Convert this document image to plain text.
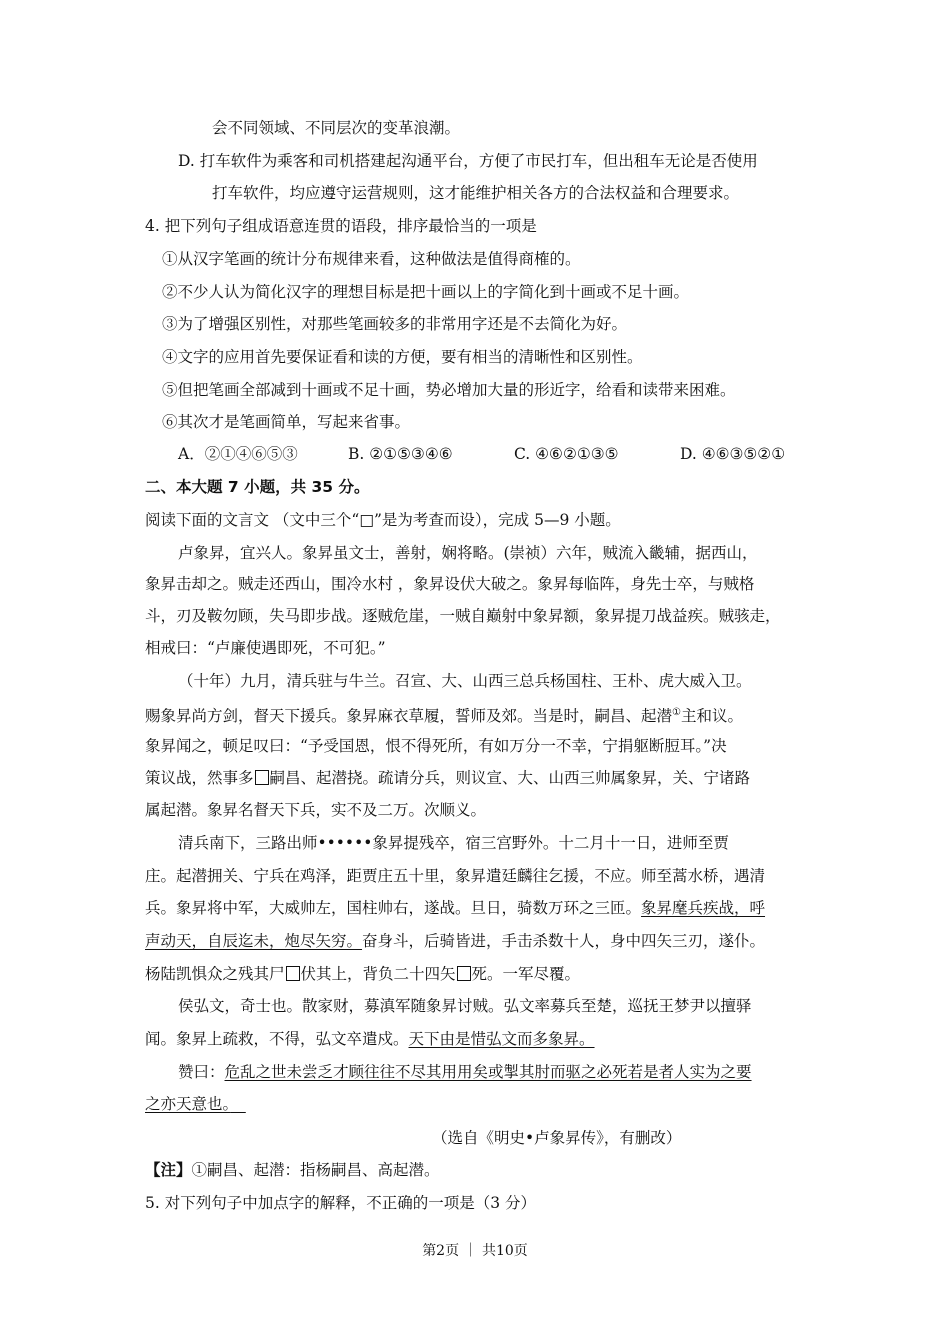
会不同领域、不同层次的变革浪潮。
D. 打车软件为乘客和司机搭建起沟通平台，方便了市民打车，但出租车无论是否使用
打车软件，均应遵守运营规则，这才能维护相关各方的合法权益和合理要求。
4. 把下列句子组成语意连贯的语段，排序最恰当的一项是
①从汉字笔画的统计分布规律来看，这种做法是值得商榷的。
②不少人认为简化汉字的理想目标是把十画以上的字简化到十画或不足十画。
③为了增强区别性，对那些笔画较多的非常用字还是不去简化为好。
④文字的应用首先要保证看和读的方便，要有相当的清晰性和区别性。
⑤但把笔画全部减到十画或不足十画，势必增加大量的形近字，给看和读带来困难。
⑥其次才是笔画简单，写起来省事。
A．②①④⑥⑤③	B. ②①⑤③④⑥	C. ④⑥②①③⑤	D. ④⑥③⑤②①
二、本大题 7 小题，共 35 分。
阅读下面的文言文 （文中三个“□”是为考查而设），完成 5—9 小题。
卢象昇，宜兴人。象昇虽文士，善射，娴将略。(崇祯）六年，贼流入畿辅，据西山，
象昇击却之。贼走还西山，围冷水村 ，象昇设伏大破之。象昇每临阵，身先士卒，与贼格
斗，刃及鞍勿顾，失马即步战。逐贼危崖，一贼自巅射中象昇额，象昇提刀战益疾。贼骇走，
相戒曰：“卢廉使遇即死，不可犯。”
（十年）九月，清兵驻与牛兰。召宣、大、山西三总兵杨国柱、王朴、虎大威入卫。
赐象昇尚方剑，督天下援兵。象昇麻衣草履，誓师及郊。当是时，嗣昌、起潜①主和议。
象昇闻之，顿足叹曰：“予受国恩，恨不得死所，有如万分一不幸，宁捐躯断脰耳。”决
策议战，然事多 嗣昌、起潜挠。疏请分兵，则议宣、大、山西三帅属象昇，关、宁诸路
属起潜。象昇名督天下兵，实不及二万。次顺义。
清兵南下，三路出师••••••象昇提残卒，宿三宫野外。十二月十一日，进师至贾
庄。起潜拥关、宁兵在鸡泽，距贾庄五十里，象昇遣廷麟往乞援，不应。师至蒿水桥，遇清
兵。象昇将中军，大威帅左，国柱帅右，遂战。旦日，骑数万环之三匝。象昇麾兵疾战，呼
声动天，自辰迄未，炮尽矢穷。奋身斗，后骑皆进，手击杀数十人，身中四矢三刃，遂仆。
杨陆凯惧众之残其尸 伏其上，背负二十四矢 死。一军尽覆。
侯弘文，奇士也。散家财，募滇军随象昇讨贼。弘文率募兵至楚，巡抚王梦尹以擅驿
闻。象昇上疏救，不得，弘文卒遣戍。天下由是惜弘文而多象昇。
赞曰：危乱之世未尝乏才顾往往不尽其用用矣或掣其肘而驱之必死若是者人实为之要
之亦天意也。　
（选自《明史•卢象昇传》，有删改）
【注】①嗣昌、起潜：指杨嗣昌、高起潜。
5. 对下列句子中加点字的解释，不正确的一项是（3 分）
第2页 ｜ 共10页
